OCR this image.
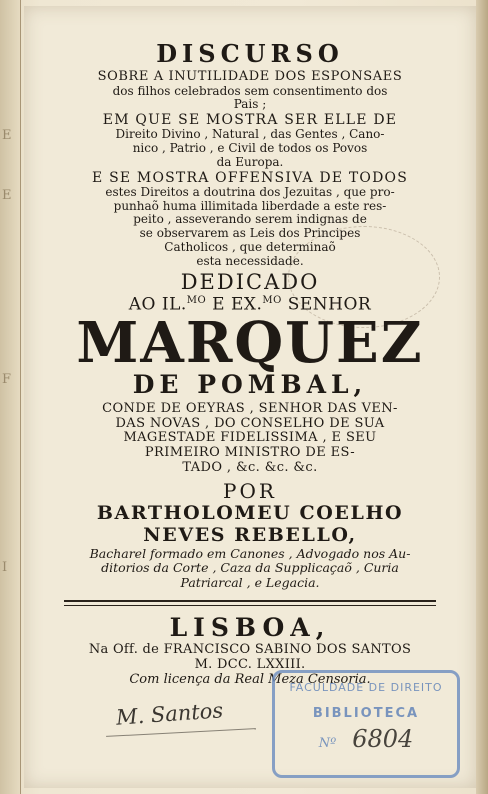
E
E
F
I
DISCURSO
SOBRE A INUTILIDADE DOS ESPONSAES
dos filhos celebrados sem consentimento dos
Pais ;
EM QUE SE MOSTRA SER ELLE DE
Direito Divino , Natural , das Gentes , Cano-
nico , Patrio , e Civil de todos os Povos
da Europa.
E SE MOSTRA OFFENSIVA DE TODOS
estes Direitos a doutrina dos Jezuitas , que pro-
punhaõ huma illimitada liberdade a este res-
peito , asseverando serem indignas de
se observarem as Leis dos Principes
Catholicos , que determinaõ
esta necessidade.
DEDICADO
AO IL.$^{MO}$ E EX.$^{MO}$ SENHOR
MARQUEZ
DE POMBAL,
CONDE DE OEYRAS , SENHOR DAS VEN-
DAS NOVAS , DO CONSELHO DE SUA
MAGESTADE FIDELISSIMA , E SEU
PRIMEIRO MINISTRO DE ES-
TADO , &c. &c. &c.
POR
BARTHOLOMEU COELHO
NEVES REBELLO,
Bacharel formado em Canones , Advogado nos Au-
ditorios da Corte , Caza da Supplicaçaõ , Curia
Patriarcal , e Legacia.
LISBOA,
Na Off. de FRANCISCO SABINO DOS SANTOS
M. DCC. LXXIII.
Com licença da Real Meza Censoria.
M. Santos
FACULDADE DE DIREITO
BIBLIOTECA
Nº 6804
